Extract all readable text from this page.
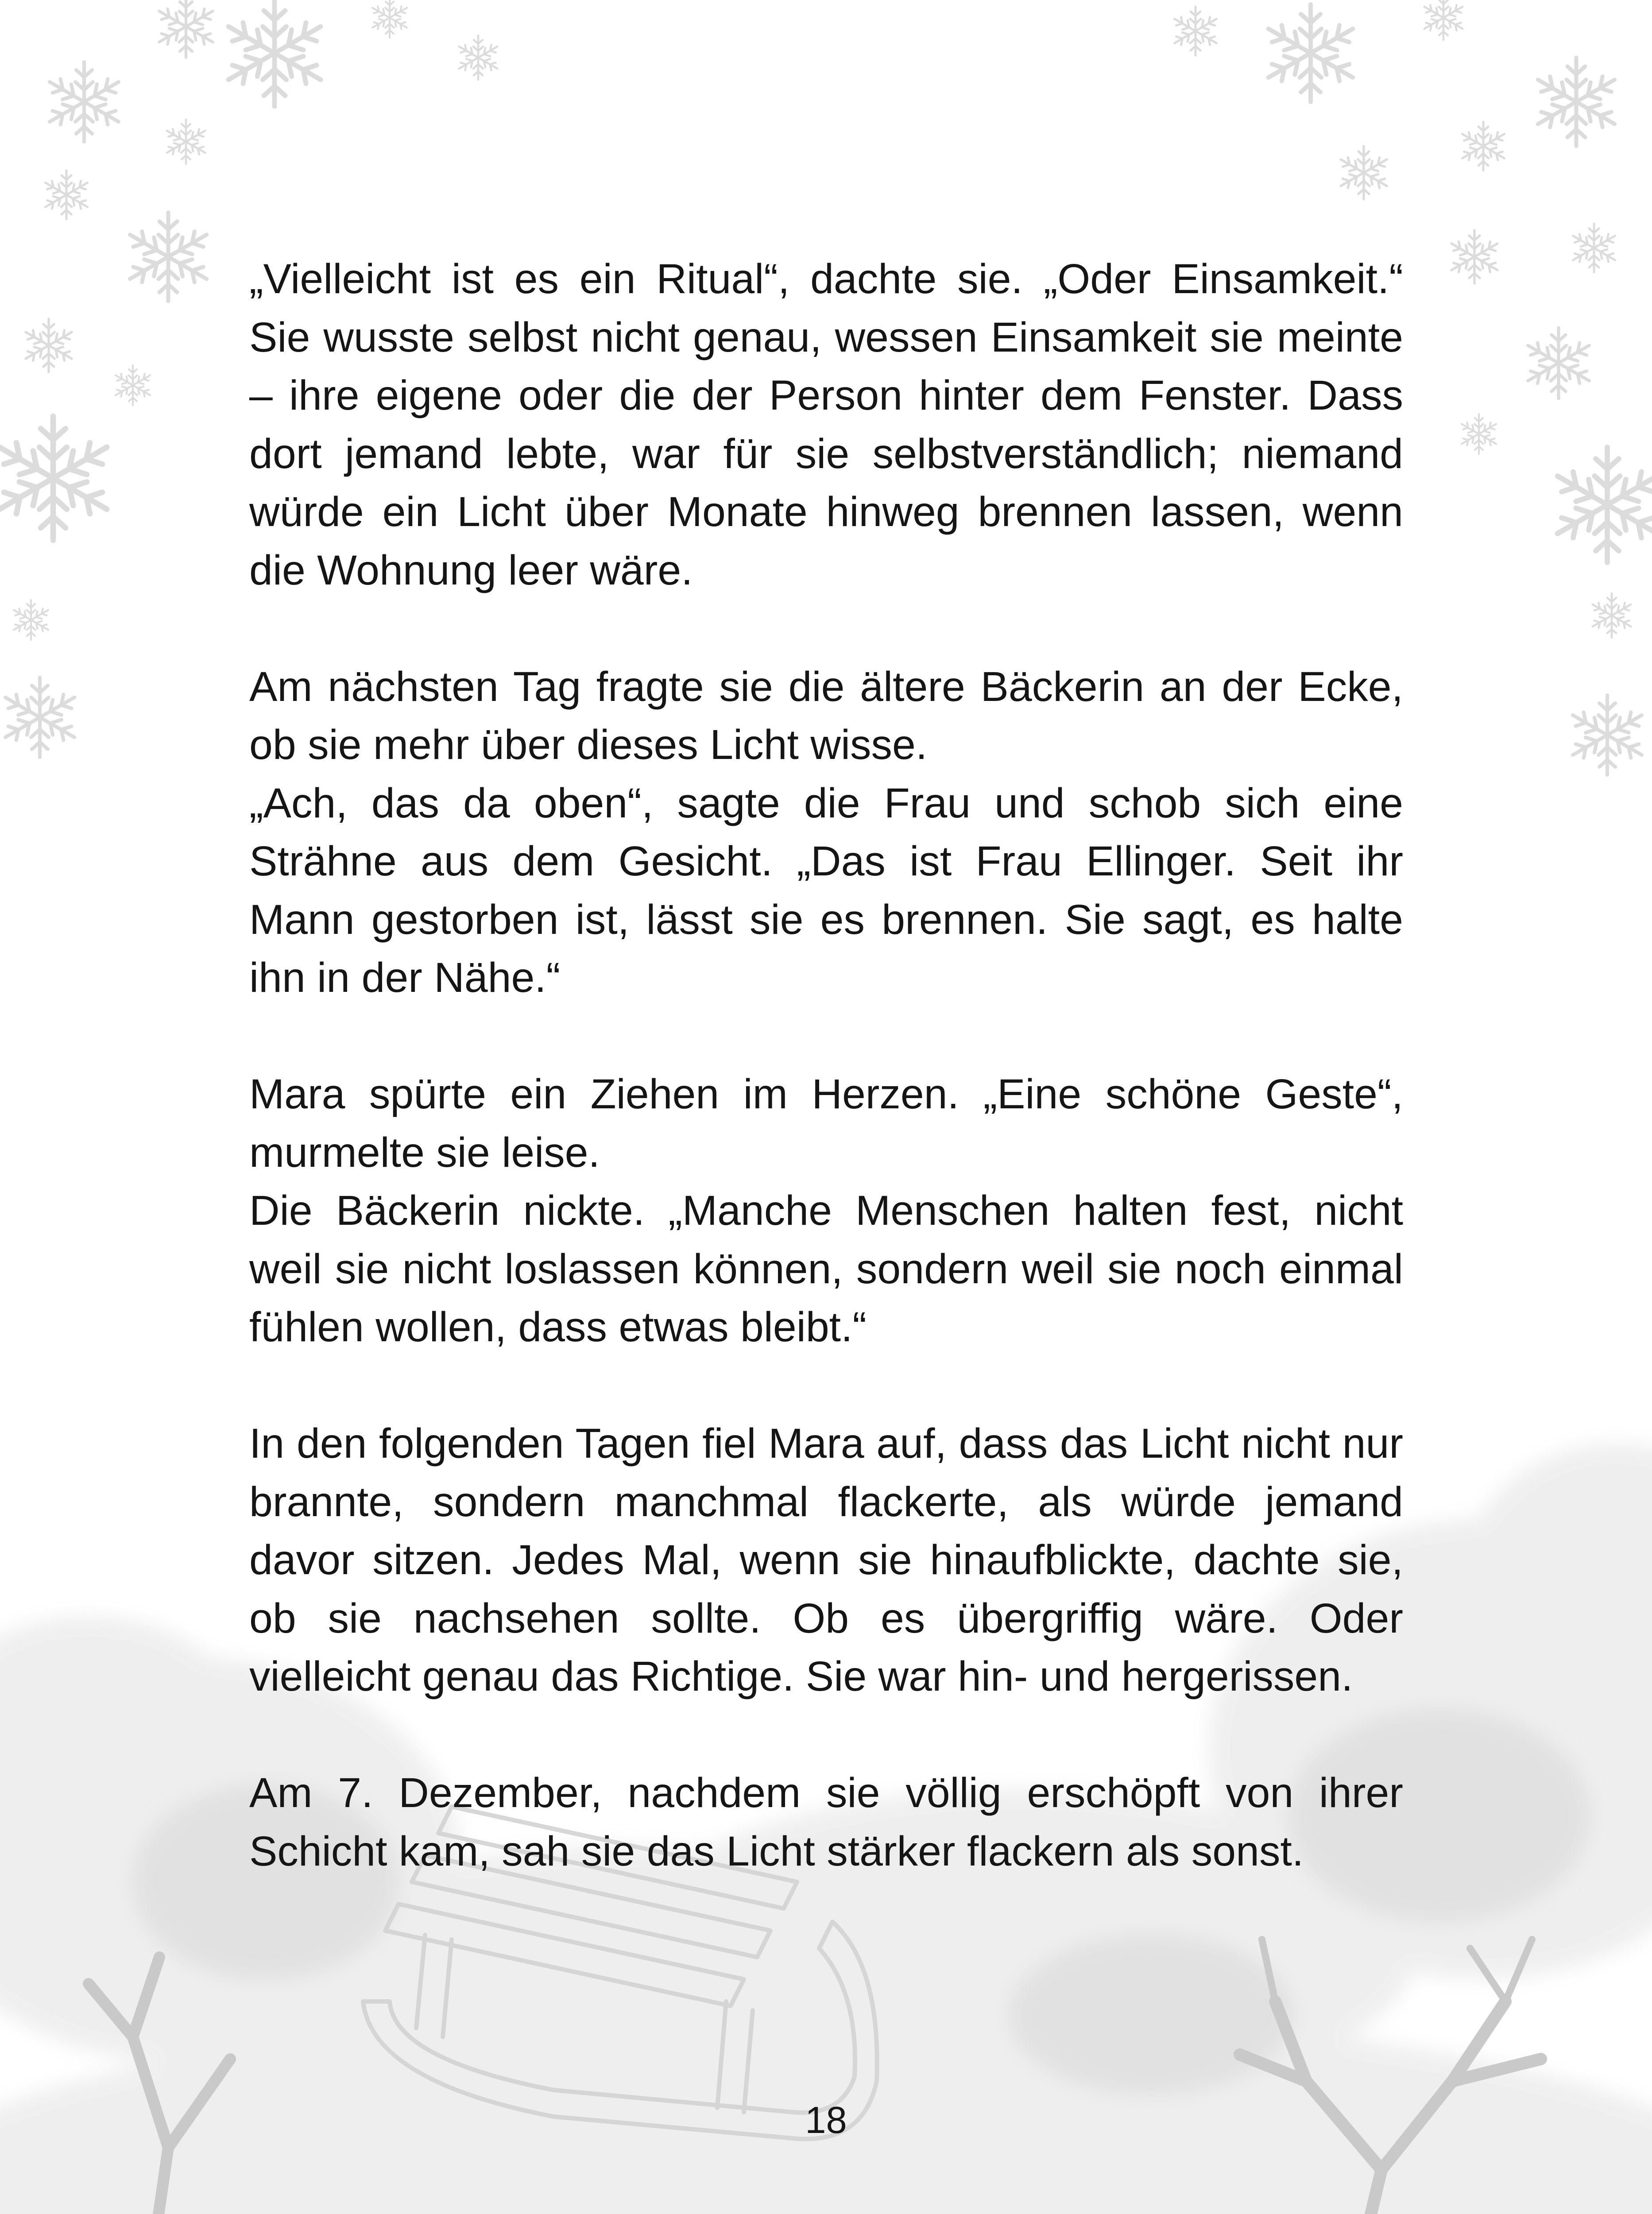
„Vielleicht ist es ein Ritual“, dachte sie. „Oder Einsamkeit.“ Sie wusste selbst nicht genau, wessen Einsamkeit sie meinte – ihre eigene oder die der Person hinter dem Fenster. Dass dort jemand lebte, war für sie selbstverständlich; niemand würde ein Licht über Monate hinweg brennen lassen, wenn die Wohnung leer wäre.

Am nächsten Tag fragte sie die ältere Bäckerin an der Ecke, ob sie mehr über dieses Licht wisse.

„Ach, das da oben“, sagte die Frau und schob sich eine Strähne aus dem Gesicht. „Das ist Frau Ellinger. Seit ihr Mann gestorben ist, lässt sie es brennen. Sie sagt, es halte ihn in der Nähe.“

Mara spürte ein Ziehen im Herzen. „Eine schöne Geste“, murmelte sie leise.

Die Bäckerin nickte. „Manche Menschen halten fest, nicht weil sie nicht loslassen können, sondern weil sie noch einmal fühlen wollen, dass etwas bleibt.“

In den folgenden Tagen fiel Mara auf, dass das Licht nicht nur brannte, sondern manchmal flackerte, als würde jemand davor sitzen. Jedes Mal, wenn sie hinaufblickte, dachte sie, ob sie nachsehen sollte. Ob es übergriffig wäre. Oder vielleicht genau das Richtige. Sie war hin- und hergerissen.

Am 7. Dezember, nachdem sie völlig erschöpft von ihrer Schicht kam, sah sie das Licht stärker flackern als sonst.

18
